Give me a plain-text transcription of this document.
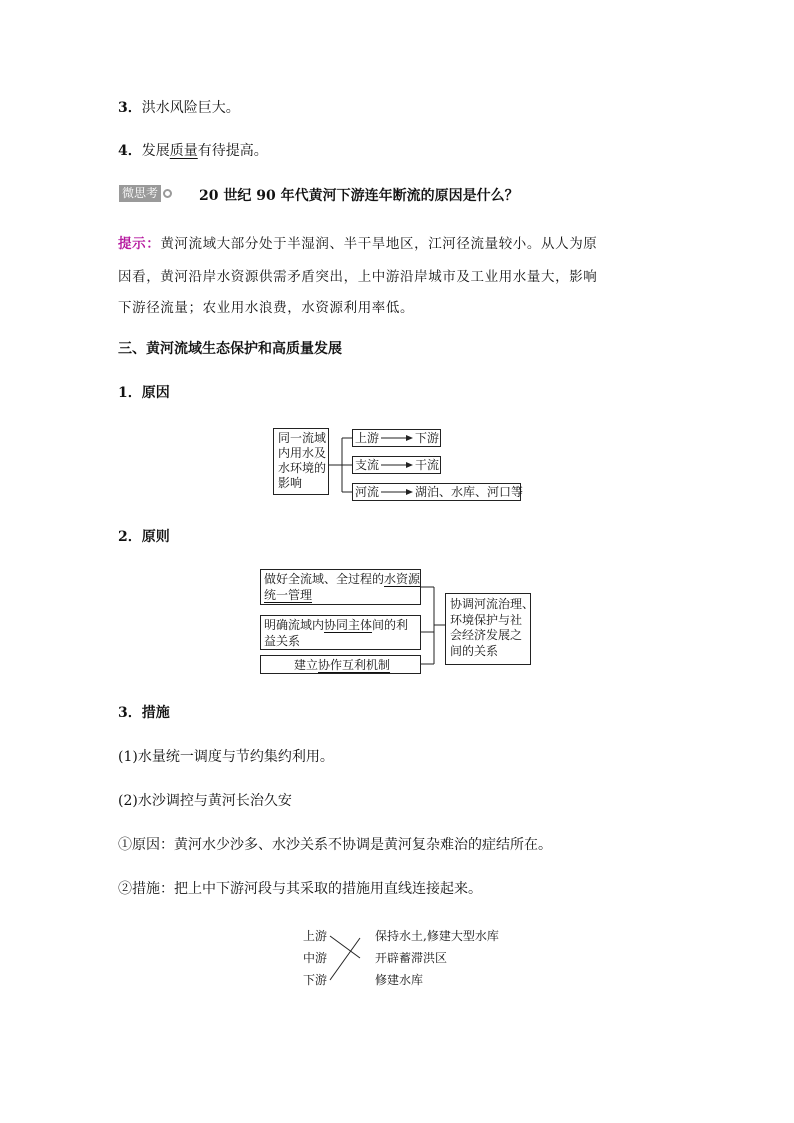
3．洪水风险巨大。
4．发展质量有待提高。
微思考	20 世纪 90 年代黄河下游连年断流的原因是什么？
提示：黄河流域大部分处于半湿润、半干旱地区，江河径流量较小。从人为原
因看，黄河沿岸水资源供需矛盾突出，上中游沿岸城市及工业用水量大，影响
下游径流量；农业用水浪费，水资源利用率低。
三、黄河流域生态保护和高质量发展
1．原因
同一流域
内用水及
水环境的
影响
上游	下游
支流	干流
河流	湖泊、水库、河口等
2．原则
做好全流域、全过程的水资源
统一管理
明确流域内协同主体间的利
益关系
建立协作互利机制
协调河流治理、
环境保护与社
会经济发展之
间的关系
3．措施
(1)水量统一调度与节约集约利用。
(2)水沙调控与黄河长治久安
①原因：黄河水少沙多、水沙关系不协调是黄河复杂难治的症结所在。
②措施：把上中下游河段与其采取的措施用直线连接起来。
上游
中游
下游
保持水土,修建大型水库
开辟蓄滞洪区
修建水库
